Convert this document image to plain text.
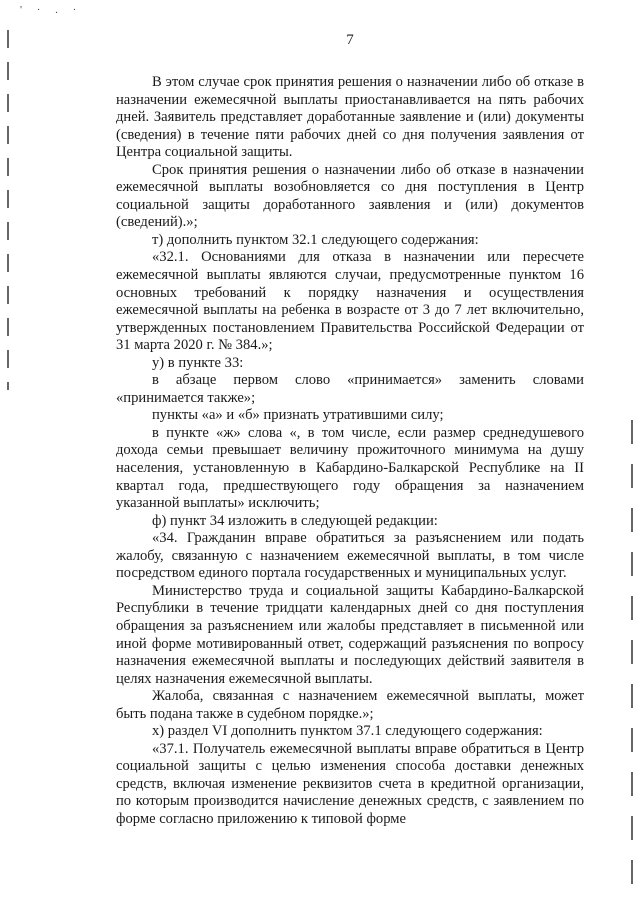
' · . ·
7

В этом случае срок принятия решения о назначении либо об отказе в назначении ежемесячной выплаты приостанавливается на пять рабочих дней. Заявитель представляет доработанные заявление и (или) документы (сведения) в течение пяти рабочих дней со дня получения заявления от Центра социальной защиты.

Срок принятия решения о назначении либо об отказе в назначении ежемесячной выплаты возобновляется со дня поступления в Центр социальной защиты доработанного заявления и (или) документов (сведений).»;

т) дополнить пунктом 32.1 следующего содержания:

«32.1. Основаниями для отказа в назначении или пересчете ежемесячной выплаты являются случаи, предусмотренные пунктом 16 основных требований к порядку назначения и осуществления ежемесячной выплаты на ребенка в возрасте от 3 до 7 лет включительно, утвержденных постановлением Правительства Российской Федерации от 31 марта 2020 г. № 384.»;

у) в пункте 33:

в абзаце первом слово «принимается» заменить словами «принимается также»;

пункты «а» и «б» признать утратившими силу;

в пункте «ж» слова «, в том числе, если размер среднедушевого дохода семьи превышает величину прожиточного минимума на душу населения, установленную в Кабардино-Балкарской Республике на II квартал года, предшествующего году обращения за назначением указанной выплаты» исключить;

ф) пункт 34 изложить в следующей редакции:

«34. Гражданин вправе обратиться за разъяснением или подать жалобу, связанную с назначением ежемесячной выплаты, в том числе посредством единого портала государственных и муниципальных услуг.

Министерство труда и социальной защиты Кабардино-Балкарской Республики в течение тридцати календарных дней со дня поступления обращения за разъяснением или жалобы представляет в письменной или иной форме мотивированный ответ, содержащий разъяснения по вопросу назначения ежемесячной выплаты и последующих действий заявителя в целях назначения ежемесячной выплаты.

Жалоба, связанная с назначением ежемесячной выплаты, может быть подана также в судебном порядке.»;

х) раздел VI дополнить пунктом 37.1 следующего содержания:

«37.1. Получатель ежемесячной выплаты вправе обратиться в Центр социальной защиты с целью изменения способа доставки денежных средств, включая изменение реквизитов счета в кредитной организации, по которым производится начисление денежных средств, с заявлением по форме согласно приложению к типовой форме
